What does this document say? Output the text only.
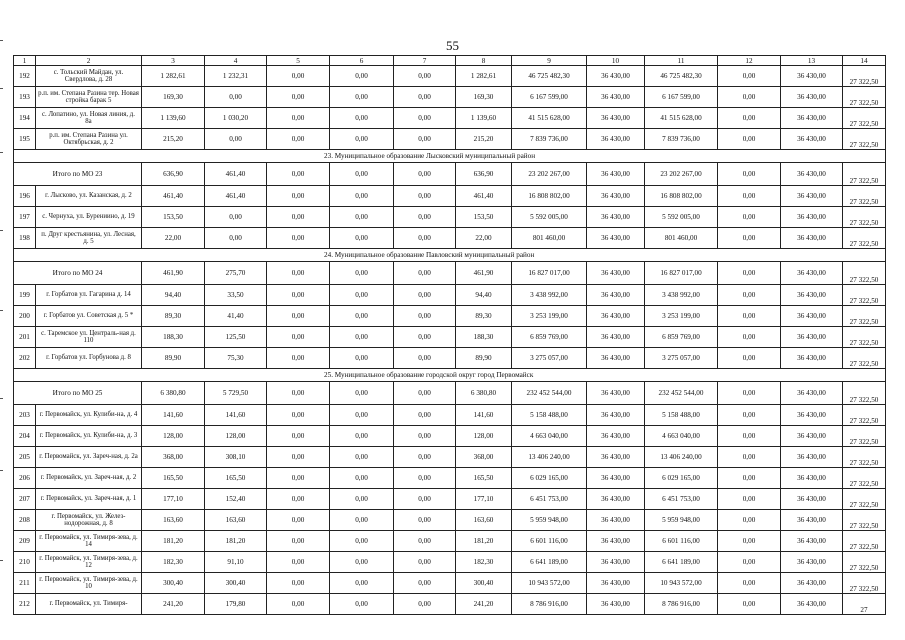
55
1	2	3	4	5	6	7	8	9	10	11	12	13	14
192	с. Тольский Майдан, ул. Свердлова, д. 28	1 282,61	1 232,31	0,00	0,00	0,00	1 282,61	46 725 482,30	36 430,00	46 725 482,30	0,00	36 430,00	27 322,50
193	р.п. им. Степана Разина тер. Новая стройка барак 5	169,30	0,00	0,00	0,00	0,00	169,30	6 167 599,00	36 430,00	6 167 599,00	0,00	36 430,00	27 322,50
194	с. Лопатино, ул. Новая линия, д. 8а	1 139,60	1 030,20	0,00	0,00	0,00	1 139,60	41 515 628,00	36 430,00	41 515 628,00	0,00	36 430,00	27 322,50
195	р.п. им. Степана Разина ул. Октябрьская, д. 2	215,20	0,00	0,00	0,00	0,00	215,20	7 839 736,00	36 430,00	7 839 736,00	0,00	36 430,00	27 322,50
23. Муниципальное образование Лысковский муниципальный район													
Итого по МО 23		636,90	461,40	0,00	0,00	0,00	636,90	23 202 267,00	36 430,00	23 202 267,00	0,00	36 430,00	27 322,50
196	г. Лысково, ул. Казанская, д. 2	461,40	461,40	0,00	0,00	0,00	461,40	16 808 802,00	36 430,00	16 808 802,00	0,00	36 430,00	27 322,50
197	с. Чернуха, ул. Бурениино, д. 19	153,50	0,00	0,00	0,00	0,00	153,50	5 592 005,00	36 430,00	5 592 005,00	0,00	36 430,00	27 322,50
198	п. Друг крестьянина, ул. Лесная, д. 5	22,00	0,00	0,00	0,00	0,00	22,00	801 460,00	36 430,00	801 460,00	0,00	36 430,00	27 322,50
24. Муниципальное образование Павловский муниципальный район													
Итого по МО 24		461,90	275,70	0,00	0,00	0,00	461,90	16 827 017,00	36 430,00	16 827 017,00	0,00	36 430,00	27 322,50
199	г. Горбатов ул. Гагарина д. 14	94,40	33,50	0,00	0,00	0,00	94,40	3 438 992,00	36 430,00	3 438 992,00	0,00	36 430,00	27 322,50
200	г. Горбатов ул. Советская д. 5 *	89,30	41,40	0,00	0,00	0,00	89,30	3 253 199,00	36 430,00	3 253 199,00	0,00	36 430,00	27 322,50
201	с. Таремское ул. Централь-ная д. 110	188,30	125,50	0,00	0,00	0,00	188,30	6 859 769,00	36 430,00	6 859 769,00	0,00	36 430,00	27 322,50
202	г. Горбатов ул. Горбунова д. 8	89,90	75,30	0,00	0,00	0,00	89,90	3 275 057,00	36 430,00	3 275 057,00	0,00	36 430,00	27 322,50
25. Муниципальное образование городской округ город Первомайск													
Итого по МО 25		6 380,80	5 729,50	0,00	0,00	0,00	6 380,80	232 452 544,00	36 430,00	232 452 544,00	0,00	36 430,00	27 322,50
203	г. Первомайск, ул. Кулиби-на, д. 4	141,60	141,60	0,00	0,00	0,00	141,60	5 158 488,00	36 430,00	5 158 488,00	0,00	36 430,00	27 322,50
204	г. Первомайск, ул. Кулиби-на, д. 3	128,00	128,00	0,00	0,00	0,00	128,00	4 663 040,00	36 430,00	4 663 040,00	0,00	36 430,00	27 322,50
205	г. Первомайск, ул. Зареч-ная, д. 2а	368,00	308,10	0,00	0,00	0,00	368,00	13 406 240,00	36 430,00	13 406 240,00	0,00	36 430,00	27 322,50
206	г. Первомайск, ул. Зареч-ная, д. 2	165,50	165,50	0,00	0,00	0,00	165,50	6 029 165,00	36 430,00	6 029 165,00	0,00	36 430,00	27 322,50
207	г. Первомайск, ул. Зареч-ная, д. 1	177,10	152,40	0,00	0,00	0,00	177,10	6 451 753,00	36 430,00	6 451 753,00	0,00	36 430,00	27 322,50
208	г. Первомайск, ул. Желез-нодорожная, д. 8	163,60	163,60	0,00	0,00	0,00	163,60	5 959 948,00	36 430,00	5 959 948,00	0,00	36 430,00	27 322,50
209	г. Первомайск, ул. Тимиря-зева, д. 14	181,20	181,20	0,00	0,00	0,00	181,20	6 601 116,00	36 430,00	6 601 116,00	0,00	36 430,00	27 322,50
210	г. Первомайск, ул. Тимиря-зева, д. 12	182,30	91,10	0,00	0,00	0,00	182,30	6 641 189,00	36 430,00	6 641 189,00	0,00	36 430,00	27 322,50
211	г. Первомайск, ул. Тимиря-зева, д. 10	300,40	300,40	0,00	0,00	0,00	300,40	10 943 572,00	36 430,00	10 943 572,00	0,00	36 430,00	27 322,50
212	г. Первомайск, ул. Тимиря-	241,20	179,80	0,00	0,00	0,00	241,20	8 786 916,00	36 430,00	8 786 916,00	0,00	36 430,00	27
